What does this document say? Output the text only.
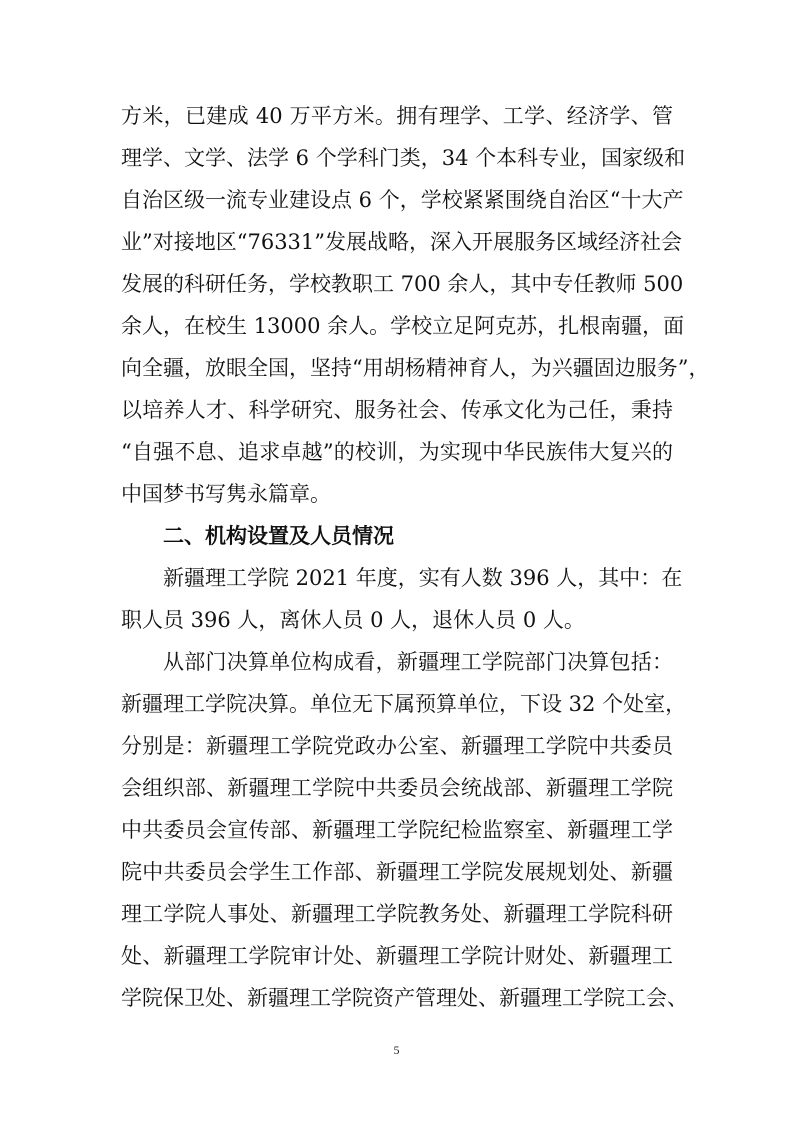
方米，已建成 40 万平方米。拥有理学、工学、经济学、管
理学、文学、法学 6 个学科门类，34 个本科专业，国家级和
自治区级一流专业建设点 6 个，学校紧紧围绕自治区“十大产
业”对接地区“76331”发展战略，深入开展服务区域经济社会
发展的科研任务，学校教职工 700 余人，其中专任教师 500
余人，在校生 13000 余人。学校立足阿克苏，扎根南疆，面
向全疆，放眼全国，坚持“用胡杨精神育人，为兴疆固边服务”，
以培养人才、科学研究、服务社会、传承文化为己任，秉持
“自强不息、追求卓越”的校训，为实现中华民族伟大复兴的
中国梦书写隽永篇章。
二、机构设置及人员情况
新疆理工学院 2021 年度，实有人数 396 人，其中：在
职人员 396 人，离休人员 0 人，退休人员 0 人。
从部门决算单位构成看，新疆理工学院部门决算包括：
新疆理工学院决算。单位无下属预算单位，下设 32 个处室，
分别是：新疆理工学院党政办公室、新疆理工学院中共委员
会组织部、新疆理工学院中共委员会统战部、新疆理工学院
中共委员会宣传部、新疆理工学院纪检监察室、新疆理工学
院中共委员会学生工作部、新疆理工学院发展规划处、新疆
理工学院人事处、新疆理工学院教务处、新疆理工学院科研
处、新疆理工学院审计处、新疆理工学院计财处、新疆理工
学院保卫处、新疆理工学院资产管理处、新疆理工学院工会、
5
